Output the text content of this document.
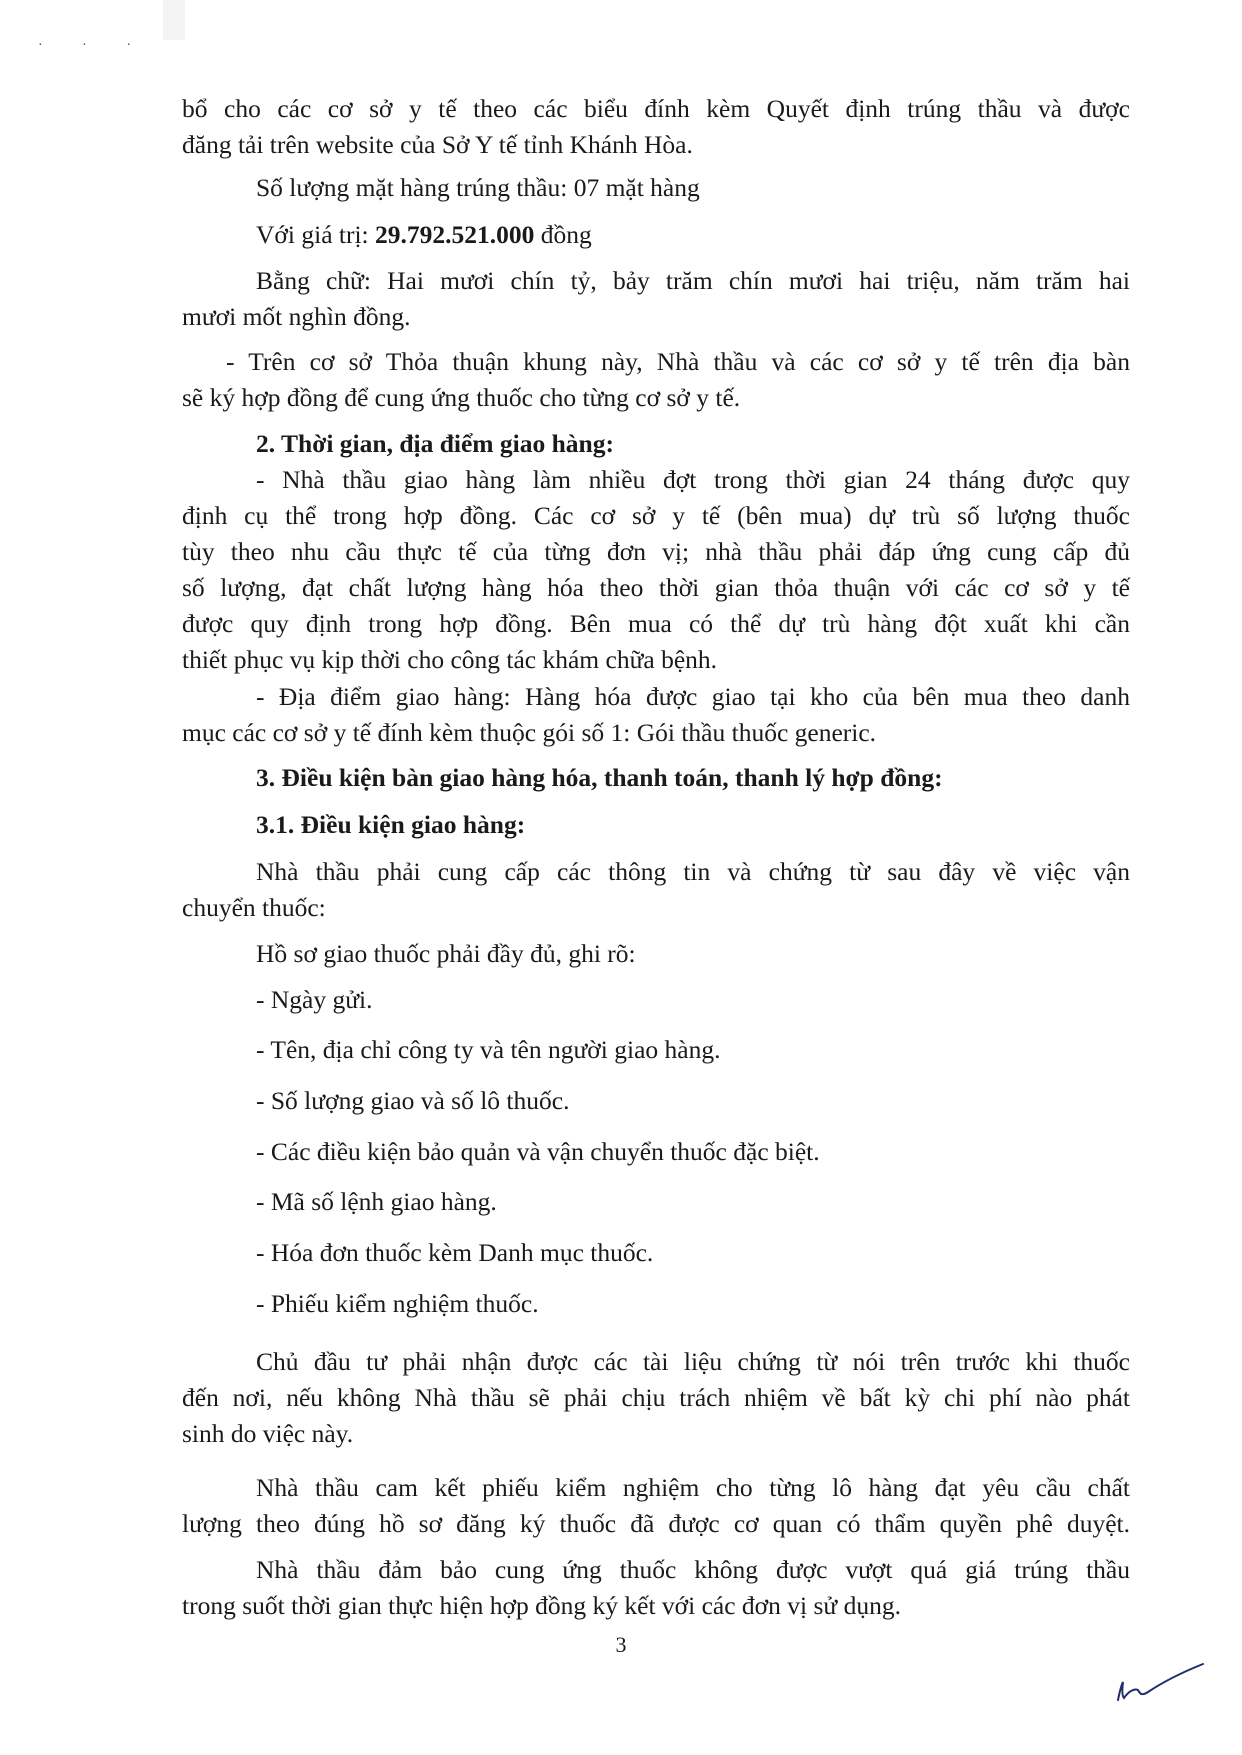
· · ·
bổ cho các cơ sở y tế theo các biểu đính kèm Quyết định trúng thầu và được
đăng tải trên website của Sở Y tế tỉnh Khánh Hòa.
Số lượng mặt hàng trúng thầu: 07 mặt hàng
Với giá trị: 29.792.521.000 đồng
Bằng chữ: Hai mươi chín tỷ, bảy trăm chín mươi hai triệu, năm trăm hai
mươi mốt nghìn đồng.
- Trên cơ sở Thỏa thuận khung này, Nhà thầu và các cơ sở y tế trên địa bàn
sẽ ký hợp đồng để cung ứng thuốc cho từng cơ sở y tế.
2. Thời gian, địa điểm giao hàng:
- Nhà thầu giao hàng làm nhiều đợt trong thời gian 24 tháng được quy
định cụ thể trong hợp đồng. Các cơ sở y tế (bên mua) dự trù số lượng thuốc
tùy theo nhu cầu thực tế của từng đơn vị; nhà thầu phải đáp ứng cung cấp đủ
số lượng, đạt chất lượng hàng hóa theo thời gian thỏa thuận với các cơ sở y tế
được quy định trong hợp đồng. Bên mua có thể dự trù hàng đột xuất khi cần
thiết phục vụ kịp thời cho công tác khám chữa bệnh.
- Địa điểm giao hàng: Hàng hóa được giao tại kho của bên mua theo danh
mục các cơ sở y tế đính kèm thuộc gói số 1: Gói thầu thuốc generic.
3. Điều kiện bàn giao hàng hóa, thanh toán, thanh lý hợp đồng:
3.1. Điều kiện giao hàng:
Nhà thầu phải cung cấp các thông tin và chứng từ sau đây về việc vận
chuyển thuốc:
Hồ sơ giao thuốc phải đầy đủ, ghi rõ:
- Ngày gửi.
- Tên, địa chỉ công ty và tên người giao hàng.
- Số lượng giao và số lô thuốc.
- Các điều kiện bảo quản và vận chuyển thuốc đặc biệt.
- Mã số lệnh giao hàng.
- Hóa đơn thuốc kèm Danh mục thuốc.
- Phiếu kiểm nghiệm thuốc.
Chủ đầu tư phải nhận được các tài liệu chứng từ nói trên trước khi thuốc
đến nơi, nếu không Nhà thầu sẽ phải chịu trách nhiệm về bất kỳ chi phí nào phát
sinh do việc này.
Nhà thầu cam kết phiếu kiểm nghiệm cho từng lô hàng đạt yêu cầu chất
lượng theo đúng hồ sơ đăng ký thuốc đã được cơ quan có thẩm quyền phê duyệt.
Nhà thầu đảm bảo cung ứng thuốc không được vượt quá giá trúng thầu
trong suốt thời gian thực hiện hợp đồng ký kết với các đơn vị sử dụng.
3
